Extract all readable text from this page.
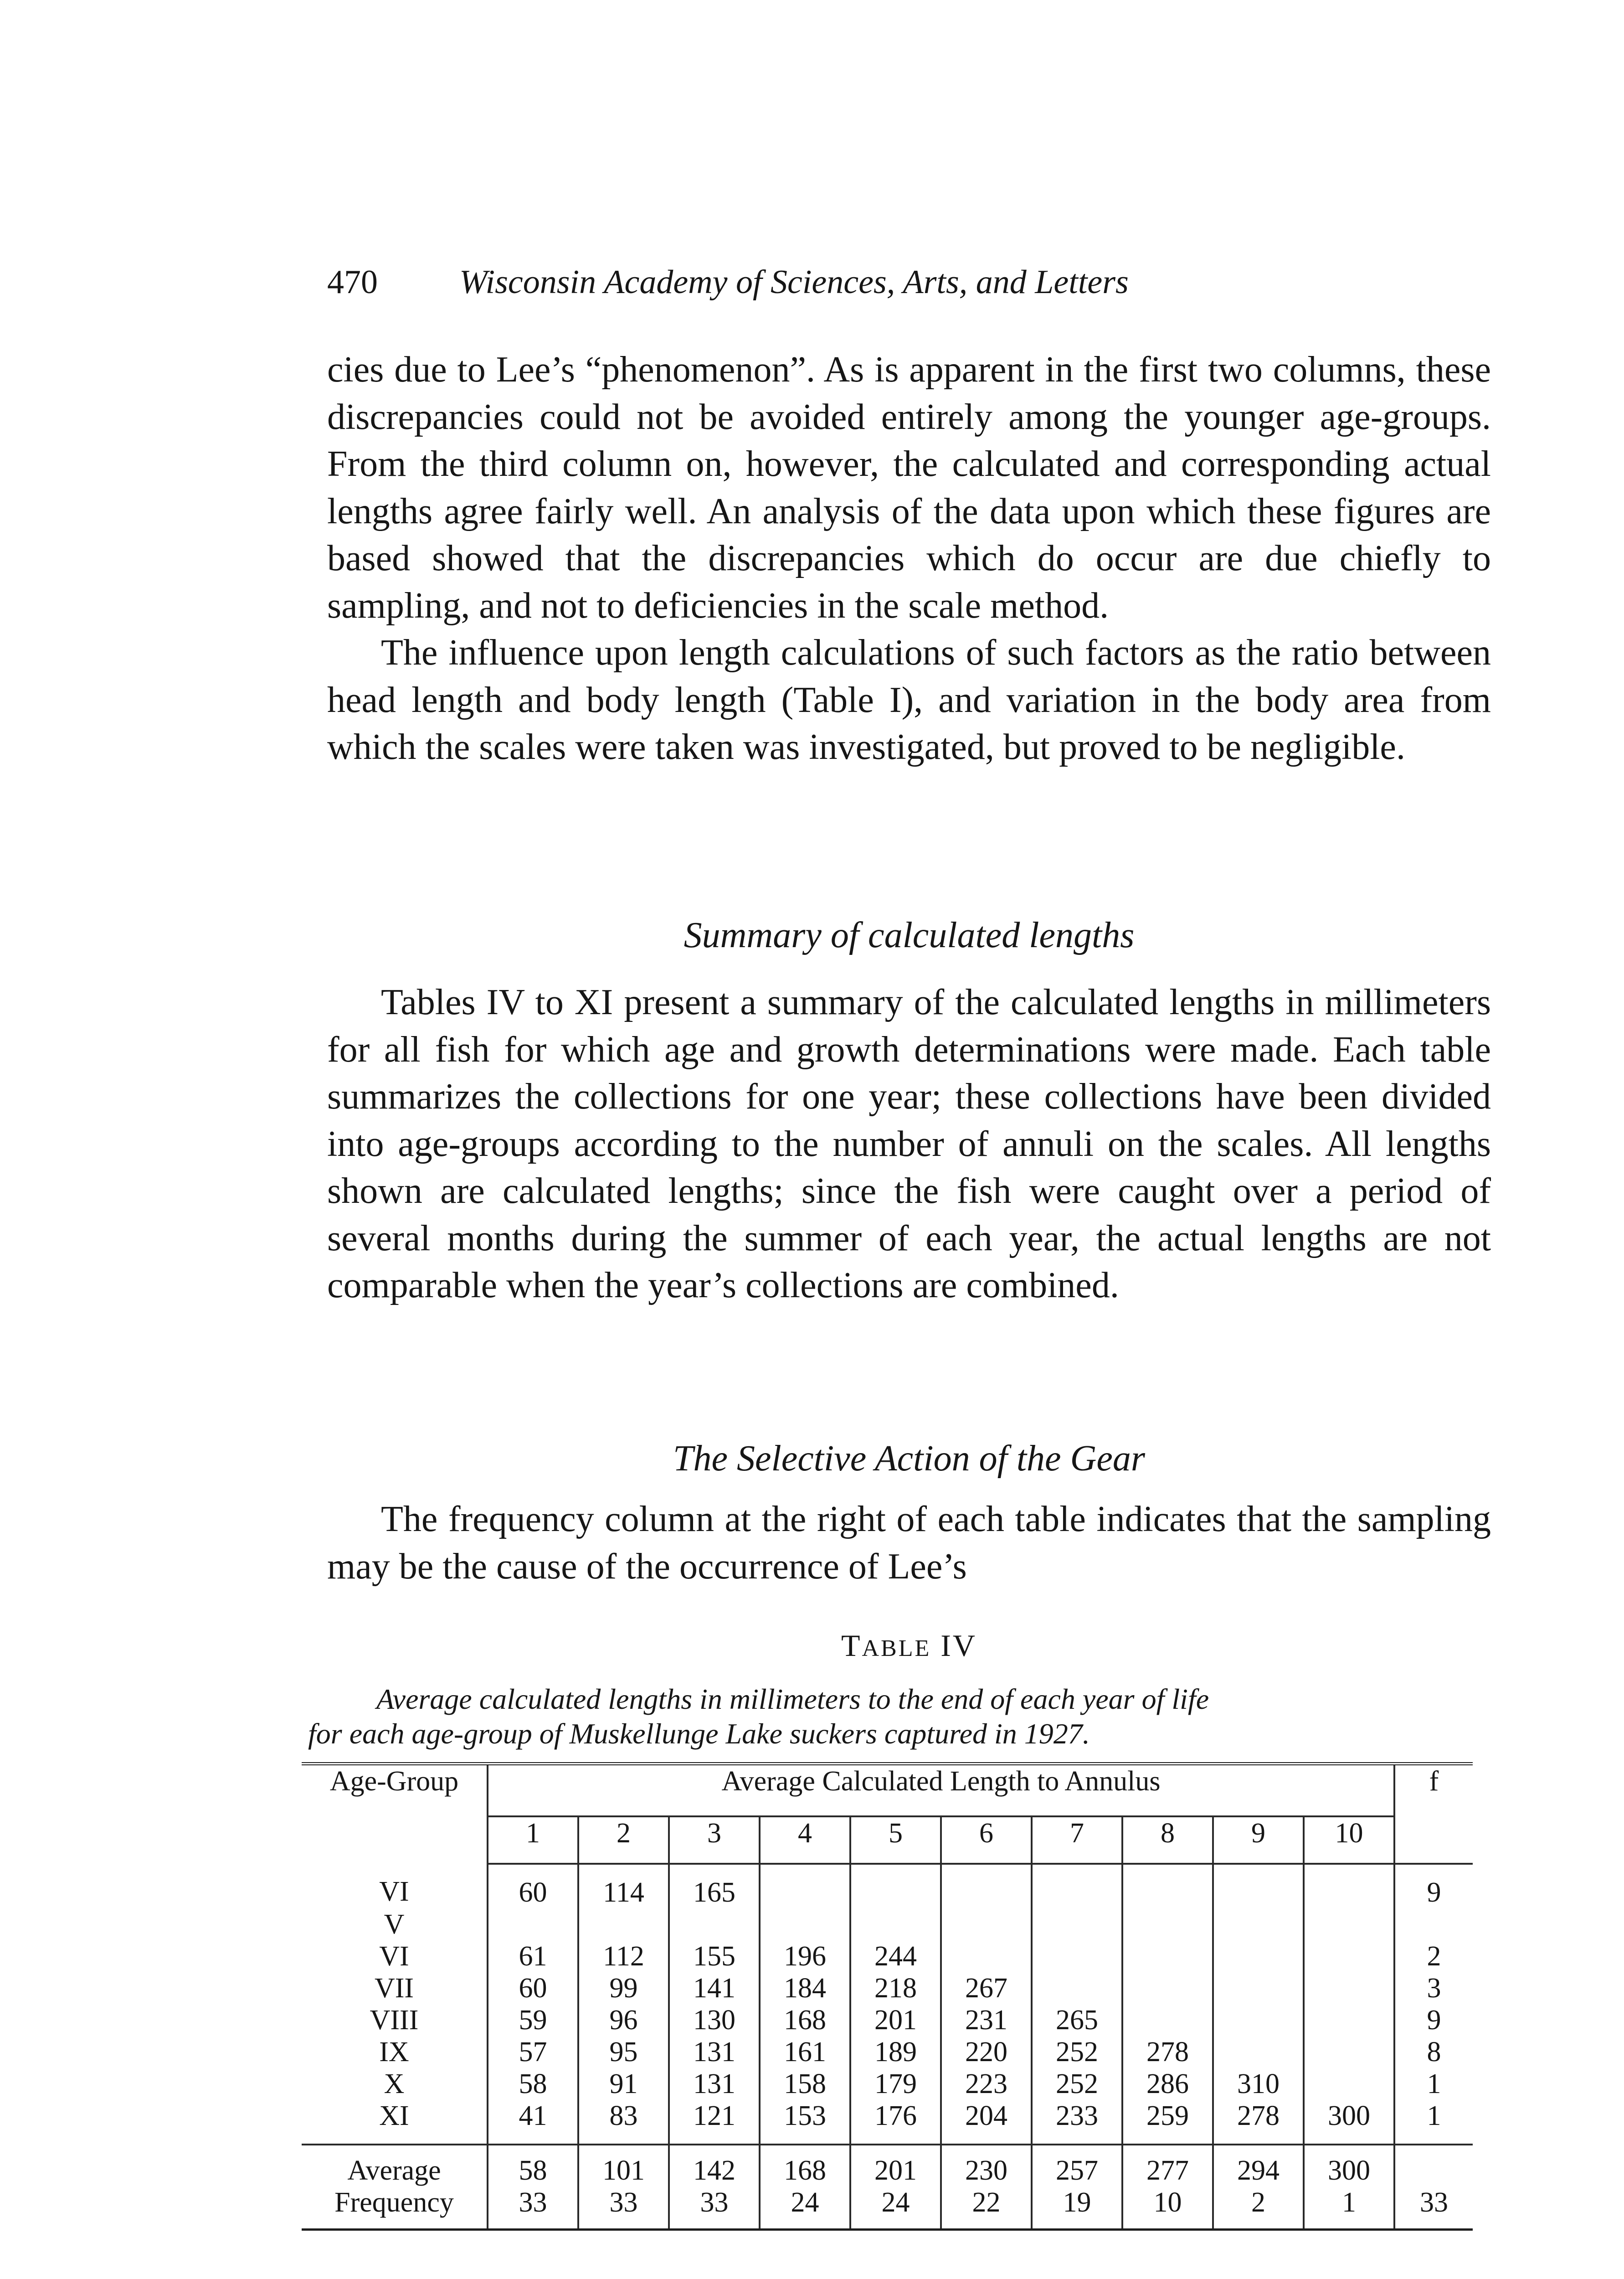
470 Wisconsin Academy of Sciences, Arts, and Letters

cies due to Lee’s “phenomenon”. As is apparent in the first two columns, these discrepancies could not be avoided entirely among the younger age-groups. From the third column on, however, the calculated and corresponding actual lengths agree fairly well. An analysis of the data upon which these figures are based showed that the discrepancies which do occur are due chiefly to sampling, and not to deficiencies in the scale method.

The influence upon length calculations of such factors as the ratio between head length and body length (Table I), and variation in the body area from which the scales were taken was investigated, but proved to be negligible.

Summary of calculated lengths

Tables IV to XI present a summary of the calculated lengths in millimeters for all fish for which age and growth determinations were made. Each table summarizes the collections for one year; these collections have been divided into age-groups according to the number of annuli on the scales. All lengths shown are calculated lengths; since the fish were caught over a period of several months during the summer of each year, the actual lengths are not comparable when the year’s collections are combined.

The Selective Action of the Gear

The frequency column at the right of each table indicates that the sampling may be the cause of the occurrence of Lee’s

TABLE IV

Average calculated lengths in millimeters to the end of each year of life

for each age-group of Muskellunge Lake suckers captured in 1927.

Age-Group	Average Calculated Length to Annulus										f
	1	2	3	4	5	6	7	8	9	10	
VI	60	114	165								9
V											
VI	61	112	155	196	244						2
VII	60	99	141	184	218	267					3
VIII	59	96	130	168	201	231	265				9
IX	57	95	131	161	189	220	252	278			8
X	58	91	131	158	179	223	252	286	310		1
XI	41	83	121	153	176	204	233	259	278	300	1
Average	58	101	142	168	201	230	257	277	294	300	
Frequency	33	33	33	24	24	22	19	10	2	1	33
